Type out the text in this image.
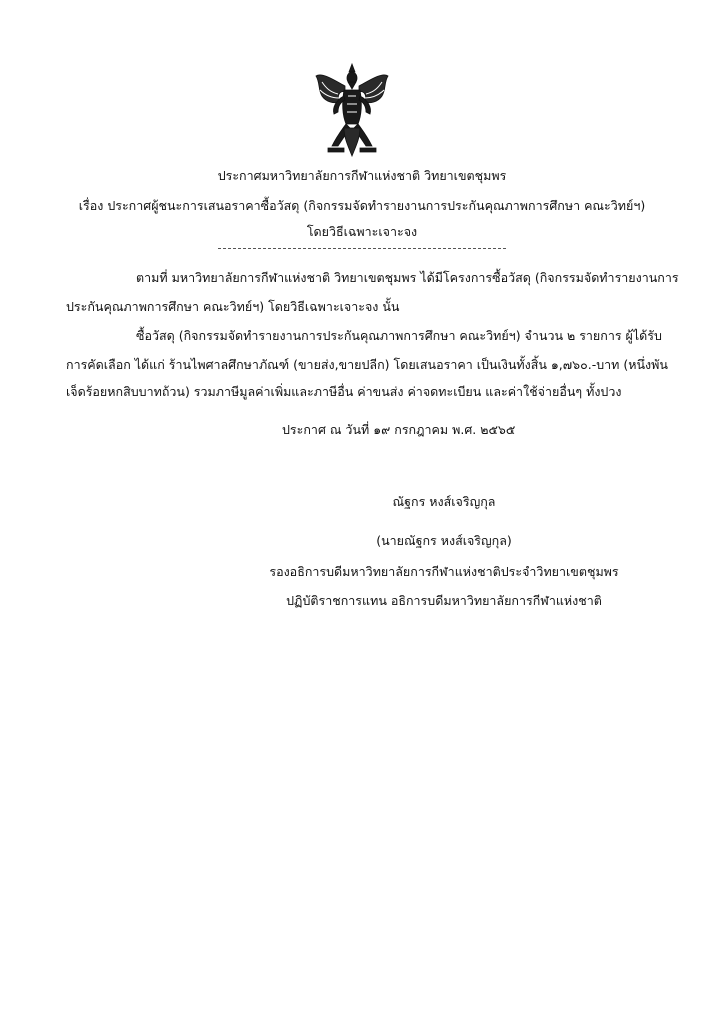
ประกาศมหาวิทยาลัยการกีฬาแห่งชาติ วิทยาเขตชุมพร
เรื่อง ประกาศผู้ชนะการเสนอราคาซื้อวัสดุ (กิจกรรมจัดทำรายงานการประกันคุณภาพการศึกษา คณะวิทย์ฯ)
โดยวิธีเฉพาะเจาะจง
ตามที่ มหาวิทยาลัยการกีฬาแห่งชาติ วิทยาเขตชุมพร ได้มีโครงการซื้อวัสดุ (กิจกรรมจัดทำรายงานการ
ประกันคุณภาพการศึกษา คณะวิทย์ฯ) โดยวิธีเฉพาะเจาะจง นั้น
ซื้อวัสดุ (กิจกรรมจัดทำรายงานการประกันคุณภาพการศึกษา คณะวิทย์ฯ) จำนวน ๒ รายการ ผู้ได้รับ
การคัดเลือก ได้แก่ ร้านไพศาลศึกษาภัณฑ์ (ขายส่ง,ขายปลีก) โดยเสนอราคา เป็นเงินทั้งสิ้น ๑,๗๖๐.-บาท (หนึ่งพัน
เจ็ดร้อยหกสิบบาทถ้วน) รวมภาษีมูลค่าเพิ่มและภาษีอื่น ค่าขนส่ง ค่าจดทะเบียน และค่าใช้จ่ายอื่นๆ ทั้งปวง
ประกาศ ณ วันที่ ๑๙ กรกฎาคม พ.ศ. ๒๕๖๕
ณัฐกร หงส์เจริญกุล
(นายณัฐกร หงส์เจริญกุล)
รองอธิการบดีมหาวิทยาลัยการกีฬาแห่งชาติประจำวิทยาเขตชุมพร
ปฏิบัติราชการแทน อธิการบดีมหาวิทยาลัยการกีฬาแห่งชาติ
